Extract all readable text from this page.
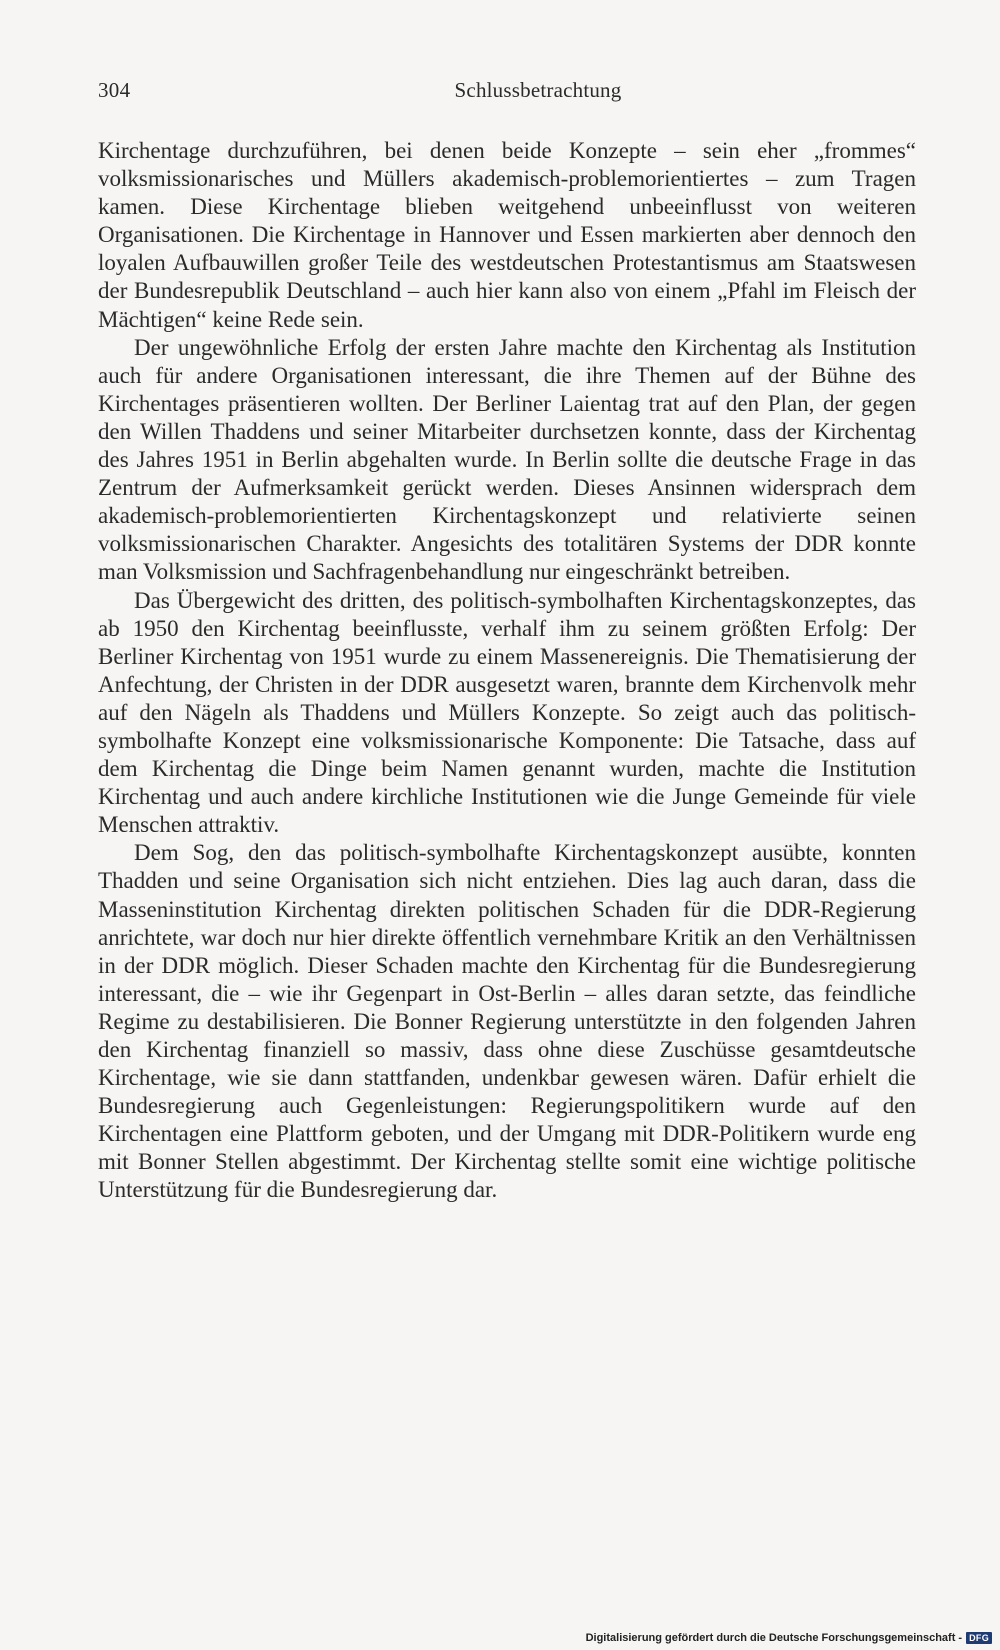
304	Schlussbetrachtung

Kirchentage durchzuführen, bei denen beide Konzepte – sein eher „frommes“ volksmissionarisches und Müllers akademisch-problemorientiertes – zum Tragen kamen. Diese Kirchentage blieben weitgehend unbeeinflusst von weiteren Organisationen. Die Kirchentage in Hannover und Essen markierten aber dennoch den loyalen Aufbauwillen großer Teile des westdeutschen Protestantismus am Staatswesen der Bundesrepublik Deutschland – auch hier kann also von einem „Pfahl im Fleisch der Mächtigen“ keine Rede sein.

Der ungewöhnliche Erfolg der ersten Jahre machte den Kirchentag als Institution auch für andere Organisationen interessant, die ihre Themen auf der Bühne des Kirchentages präsentieren wollten. Der Berliner Laientag trat auf den Plan, der gegen den Willen Thaddens und seiner Mitarbeiter durchsetzen konnte, dass der Kirchentag des Jahres 1951 in Berlin abgehalten wurde. In Berlin sollte die deutsche Frage in das Zentrum der Aufmerksamkeit gerückt werden. Dieses Ansinnen widersprach dem akademisch-problemorientierten Kirchentagskonzept und relativierte seinen volksmissionarischen Charakter. Angesichts des totalitären Systems der DDR konnte man Volksmission und Sachfragenbehandlung nur eingeschränkt betreiben.

Das Übergewicht des dritten, des politisch-symbolhaften Kirchentagskonzeptes, das ab 1950 den Kirchentag beeinflusste, verhalf ihm zu seinem größten Erfolg: Der Berliner Kirchentag von 1951 wurde zu einem Massenereignis. Die Thematisierung der Anfechtung, der Christen in der DDR ausgesetzt waren, brannte dem Kirchenvolk mehr auf den Nägeln als Thaddens und Müllers Konzepte. So zeigt auch das politisch-symbolhafte Konzept eine volksmissionarische Komponente: Die Tatsache, dass auf dem Kirchentag die Dinge beim Namen genannt wurden, machte die Institution Kirchentag und auch andere kirchliche Institutionen wie die Junge Gemeinde für viele Menschen attraktiv.

Dem Sog, den das politisch-symbolhafte Kirchentagskonzept ausübte, konnten Thadden und seine Organisation sich nicht entziehen. Dies lag auch daran, dass die Masseninstitution Kirchentag direkten politischen Schaden für die DDR-Regierung anrichtete, war doch nur hier direkte öffentlich vernehmbare Kritik an den Verhältnissen in der DDR möglich. Dieser Schaden machte den Kirchentag für die Bundesregierung interessant, die – wie ihr Gegenpart in Ost-Berlin – alles daran setzte, das feindliche Regime zu destabilisieren. Die Bonner Regierung unterstützte in den folgenden Jahren den Kirchentag finanziell so massiv, dass ohne diese Zuschüsse gesamtdeutsche Kirchentage, wie sie dann stattfanden, undenkbar gewesen wären. Dafür erhielt die Bundesregierung auch Gegenleistungen: Regierungspolitikern wurde auf den Kirchentagen eine Plattform geboten, und der Umgang mit DDR-Politikern wurde eng mit Bonner Stellen abgestimmt. Der Kirchentag stellte somit eine wichtige politische Unterstützung für die Bundesregierung dar.

Digitalisierung gefördert durch die Deutsche Forschungsgemeinschaft - DFG
